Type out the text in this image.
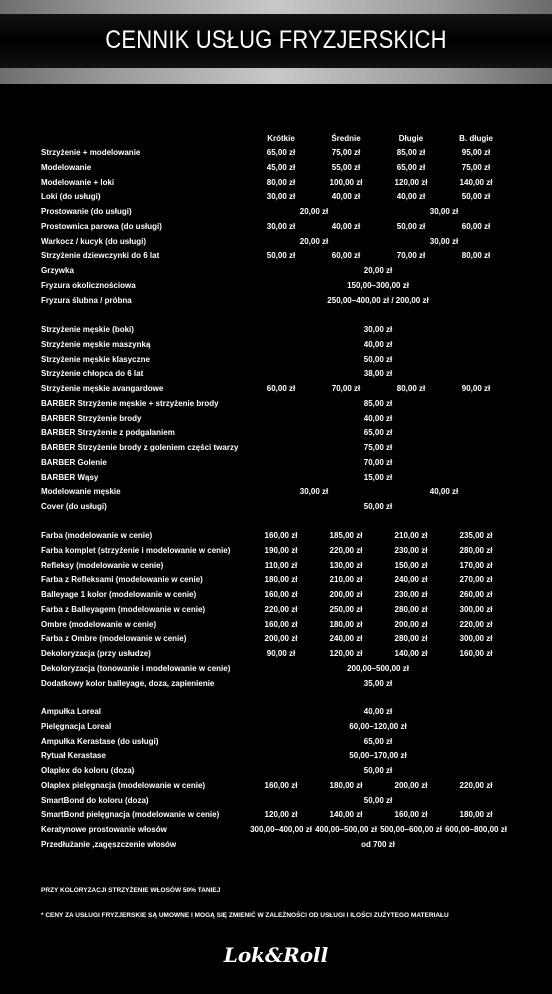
CENNIK USŁUG FRYZJERSKICH
Krótkie	Średnie	Długie	B. długie
Strzyżenie + modelowanie	65,00 zł	75,00 zł	85,00 zł	95,00 zł
Modelowanie	45,00 zł	55,00 zł	65,00 zł	75,00 zł
Modelowanie + loki	80,00 zł	100,00 zł	120,00 zł	140,00 zł
Loki (do usługi)	30,00 zł	40,00 zł	40,00 zł	50,00 zł
Prostowanie (do usługi)	20,00 zł	30,00 zł
Prostownica parowa (do usługi)	30,00 zł	40,00 zł	50,00 zł	60,00 zł
Warkocz / kucyk (do usługi)	20,00 zł	30,00 zł
Strzyżenie dziewczynki do 6 lat	50,00 zł	60,00 zł	70,00 zł	80,00 zł
Grzywka	20,00 zł
Fryzura okolicznościowa	150,00–300,00 zł
Fryzura ślubna / próbna	250,00–400,00 zł / 200,00 zł
Strzyżenie męskie (boki)	30,00 zł
Strzyżenie męskie maszynką	40,00 zł
Strzyżenie męskie klasyczne	50,00 zł
Strzyżenie chłopca do 6 lat	38,00 zł
Strzyżenie męskie avangardowe	60,00 zł	70,00 zł	80,00 zł	90,00 zł
BARBER Strzyżenie męskie + strzyżenie brody	85,00 zł
BARBER Strzyżenie brody	40,00 zł
BARBER Strzyżenie z podgalaniem	65,00 zł
BARBER Strzyżenie brody z goleniem części twarzy	75,00 zł
BARBER Golenie	70,00 zł
BARBER Wąsy	15,00 zł
Modelowanie męskie	30,00 zł	40,00 zł
Cover (do usługi)	50,00 zł
Farba (modelowanie w cenie)	160,00 zł	185,00 zł	210,00 zł	235,00 zł
Farba komplet (strzyżenie i modelowanie w cenie)	190,00 zł	220,00 zł	230,00 zł	280,00 zł
Refleksy (modelowanie w cenie)	110,00 zł	130,00 zł	150,00 zł	170,00 zł
Farba z Refleksami (modelowanie w cenie)	180,00 zł	210,00 zł	240,00 zł	270,00 zł
Balleyage 1 kolor (modelowanie w cenie)	160,00 zł	200,00 zł	230,00 zł	260,00 zł
Farba z Balleyagem (modelowanie w cenie)	220,00 zł	250,00 zł	280,00 zł	300,00 zł
Ombre (modelowanie w cenie)	160,00 zł	180,00 zł	200,00 zł	220,00 zł
Farba z Ombre (modelowanie w cenie)	200,00 zł	240,00 zł	280,00 zł	300,00 zł
Dekoloryzacja (przy usłudze)	90,00 zł	120,00 zł	140,00 zł	160,00 zł
Dekoloryzacja (tonowanie i modelowanie w cenie)	200,00–500,00 zł
Dodatkowy kolor balleyage, doza, zapienienie	35,00 zł
Ampułka Loreal	40,00 zł
Pielęgnacja Loreal	60,00–120,00 zł
Ampułka Kerastase (do usługi)	65,00 zł
Rytuał Kerastase	50,00–170,00 zł
Olaplex do koloru (doza)	50,00 zł
Olaplex pielęgnacja (modelowanie w cenie)	160,00 zł	180,00 zł	200,00 zł	220,00 zł
SmartBond do koloru (doza)	50,00 zł
SmartBond pielęgnacja (modelowanie w cenie)	120,00 zł	140,00 zł	160,00 zł	180,00 zł
Keratynowe prostowanie włosów	300,00–400,00 zł 400,00–500,00 zł 500,00–600,00 zł 600,00–800,00 zł
Przedłużanie ,zagęszczenie włosów	od 700 zł
PRZY KOLORYZACJI STRZYŻENIE WŁOSÓW 50% TANIEJ
* CENY ZA USŁUGI FRYZJERSKIE SĄ UMOWNE I MOGĄ SIĘ ZMIENIĆ W ZALEŻNOŚCI OD USŁUGI I ILOŚCI ZUŻYTEGO MATERIAŁU
Lok&Roll
